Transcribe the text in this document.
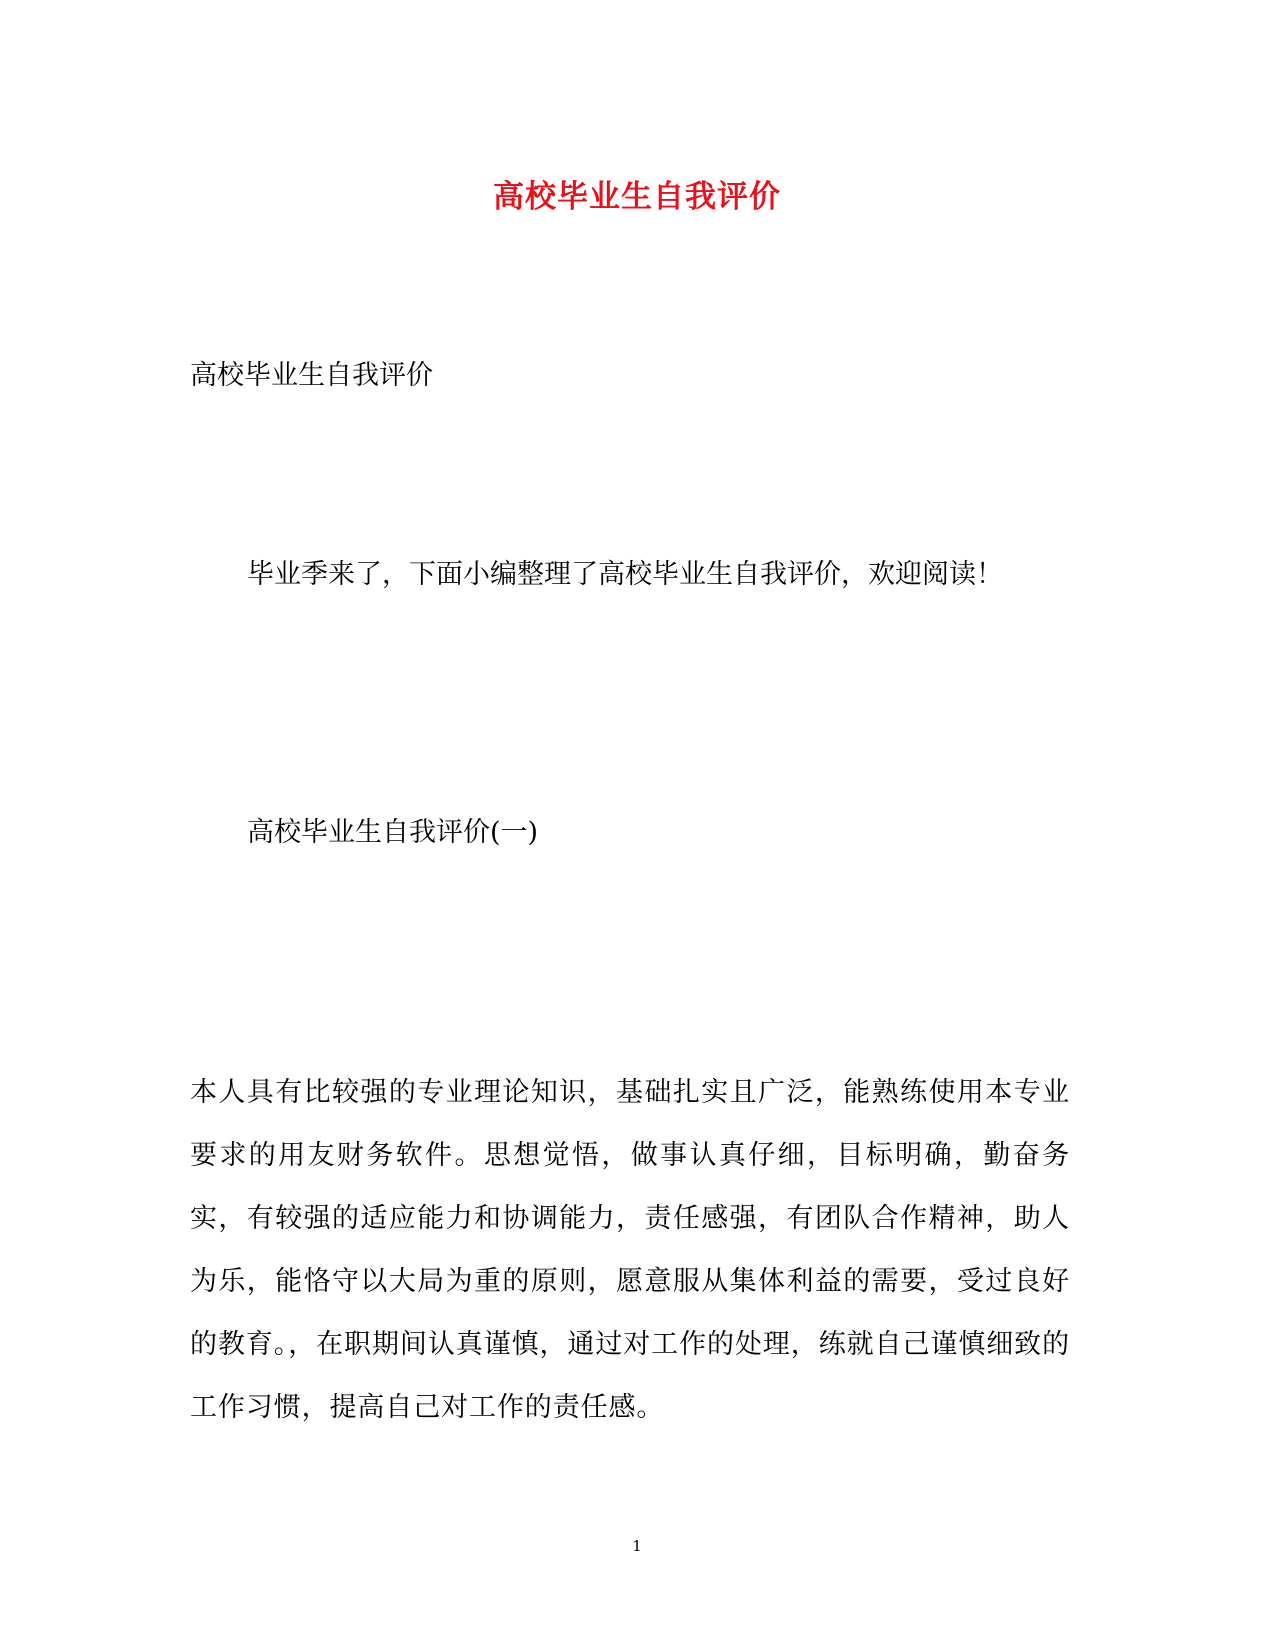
高校毕业生自我评价
高校毕业生自我评价
毕业季来了，下面小编整理了高校毕业生自我评价，欢迎阅读！
高校毕业生自我评价(一)

本人具有比较强的专业理论知识，基础扎实且广泛，能熟练使用本专业要求的用友财务软件。思想觉悟，做事认真仔细，目标明确，勤奋务实，有较强的适应能力和协调能力，责任感强，有团队合作精神，助人为乐，能恪守以大局为重的原则，愿意服从集体利益的需要，受过良好的教育。，在职期间认真谨慎，通过对工作的处理，练就自己谨慎细致的工作习惯，提高自己对工作的责任感。

1
